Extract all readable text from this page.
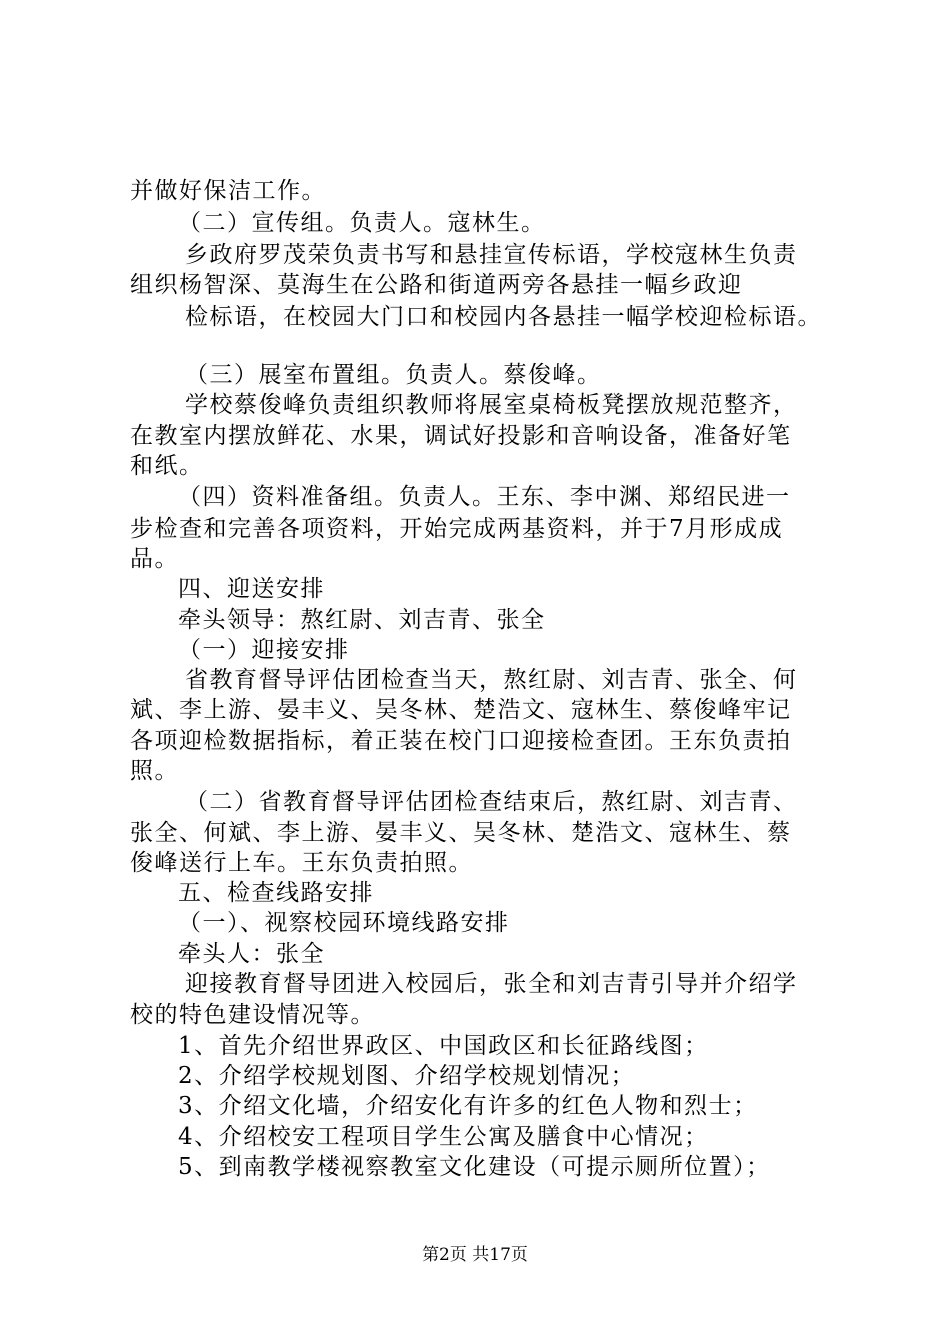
并做好保洁工作。
（二）宣传组。负责人。寇林生。
乡政府罗茂荣负责书写和悬挂宣传标语，学校寇林生负责
组织杨智深、莫海生在公路和街道两旁各悬挂一幅乡政迎
检标语，在校园大门口和校园内各悬挂一幅学校迎检标语。
（三）展室布置组。负责人。蔡俊峰。
学校蔡俊峰负责组织教师将展室桌椅板凳摆放规范整齐，
在教室内摆放鲜花、水果，调试好投影和音响设备，准备好笔
和纸。
（四）资料准备组。负责人。王东、李中渊、郑绍民进一
步检查和完善各项资料，开始完成两基资料，并于7月形成成
品。
四、迎送安排
牵头领导：熬红尉、刘吉青、张全
（一）迎接安排
省教育督导评估团检查当天，熬红尉、刘吉青、张全、何
斌、李上游、晏丰义、吴冬林、楚浩文、寇林生、蔡俊峰牢记
各项迎检数据指标，着正装在校门口迎接检查团。王东负责拍
照。
（二）省教育督导评估团检查结束后，熬红尉、刘吉青、
张全、何斌、李上游、晏丰义、吴冬林、楚浩文、寇林生、蔡
俊峰送行上车。王东负责拍照。
五、检查线路安排
（一）、视察校园环境线路安排
牵头人：张全
迎接教育督导团进入校园后，张全和刘吉青引导并介绍学
校的特色建设情况等。
1、首先介绍世界政区、中国政区和长征路线图；
2、介绍学校规划图、介绍学校规划情况；
3、介绍文化墙，介绍安化有许多的红色人物和烈士；
4、介绍校安工程项目学生公寓及膳食中心情况；
5、到南教学楼视察教室文化建设（可提示厕所位置）；
第2页 共17页
